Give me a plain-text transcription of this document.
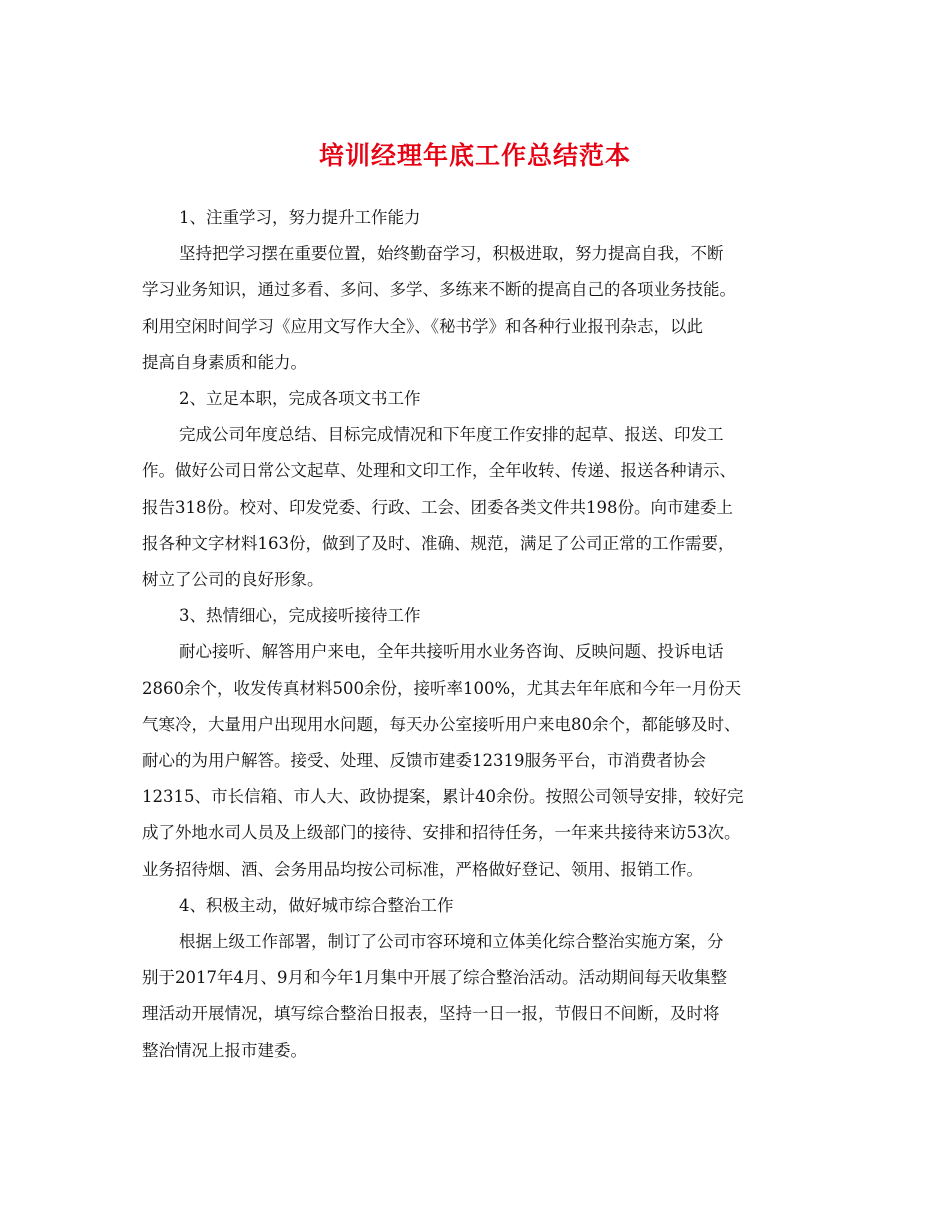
培训经理年底工作总结范本

1、注重学习，努力提升工作能力

坚持把学习摆在重要位置，始终勤奋学习，积极进取，努力提高自我，不断
学习业务知识，通过多看、多问、多学、多练来不断的提高自己的各项业务技能。
利用空闲时间学习《应用文写作大全》、《秘书学》和各种行业报刊杂志，以此
提高自身素质和能力。

2、立足本职，完成各项文书工作

完成公司年度总结、目标完成情况和下年度工作安排的起草、报送、印发工
作。做好公司日常公文起草、处理和文印工作，全年收转、传递、报送各种请示、
报告318份。校对、印发党委、行政、工会、团委各类文件共198份。向市建委上
报各种文字材料163份，做到了及时、准确、规范，满足了公司正常的工作需要，
树立了公司的良好形象。

3、热情细心，完成接听接待工作

耐心接听、解答用户来电，全年共接听用水业务咨询、反映问题、投诉电话
2860余个，收发传真材料500余份，接听率100%，尤其去年年底和今年一月份天
气寒冷，大量用户出现用水问题，每天办公室接听用户来电80余个，都能够及时、
耐心的为用户解答。接受、处理、反馈市建委12319服务平台，市消费者协会
12315、市长信箱、市人大、政协提案，累计40余份。按照公司领导安排，较好完
成了外地水司人员及上级部门的接待、安排和招待任务，一年来共接待来访53次。
业务招待烟、酒、会务用品均按公司标准，严格做好登记、领用、报销工作。

4、积极主动，做好城市综合整治工作

根据上级工作部署，制订了公司市容环境和立体美化综合整治实施方案，分
别于2017年4月、9月和今年1月集中开展了综合整治活动。活动期间每天收集整
理活动开展情况，填写综合整治日报表，坚持一日一报，节假日不间断，及时将
整治情况上报市建委。
